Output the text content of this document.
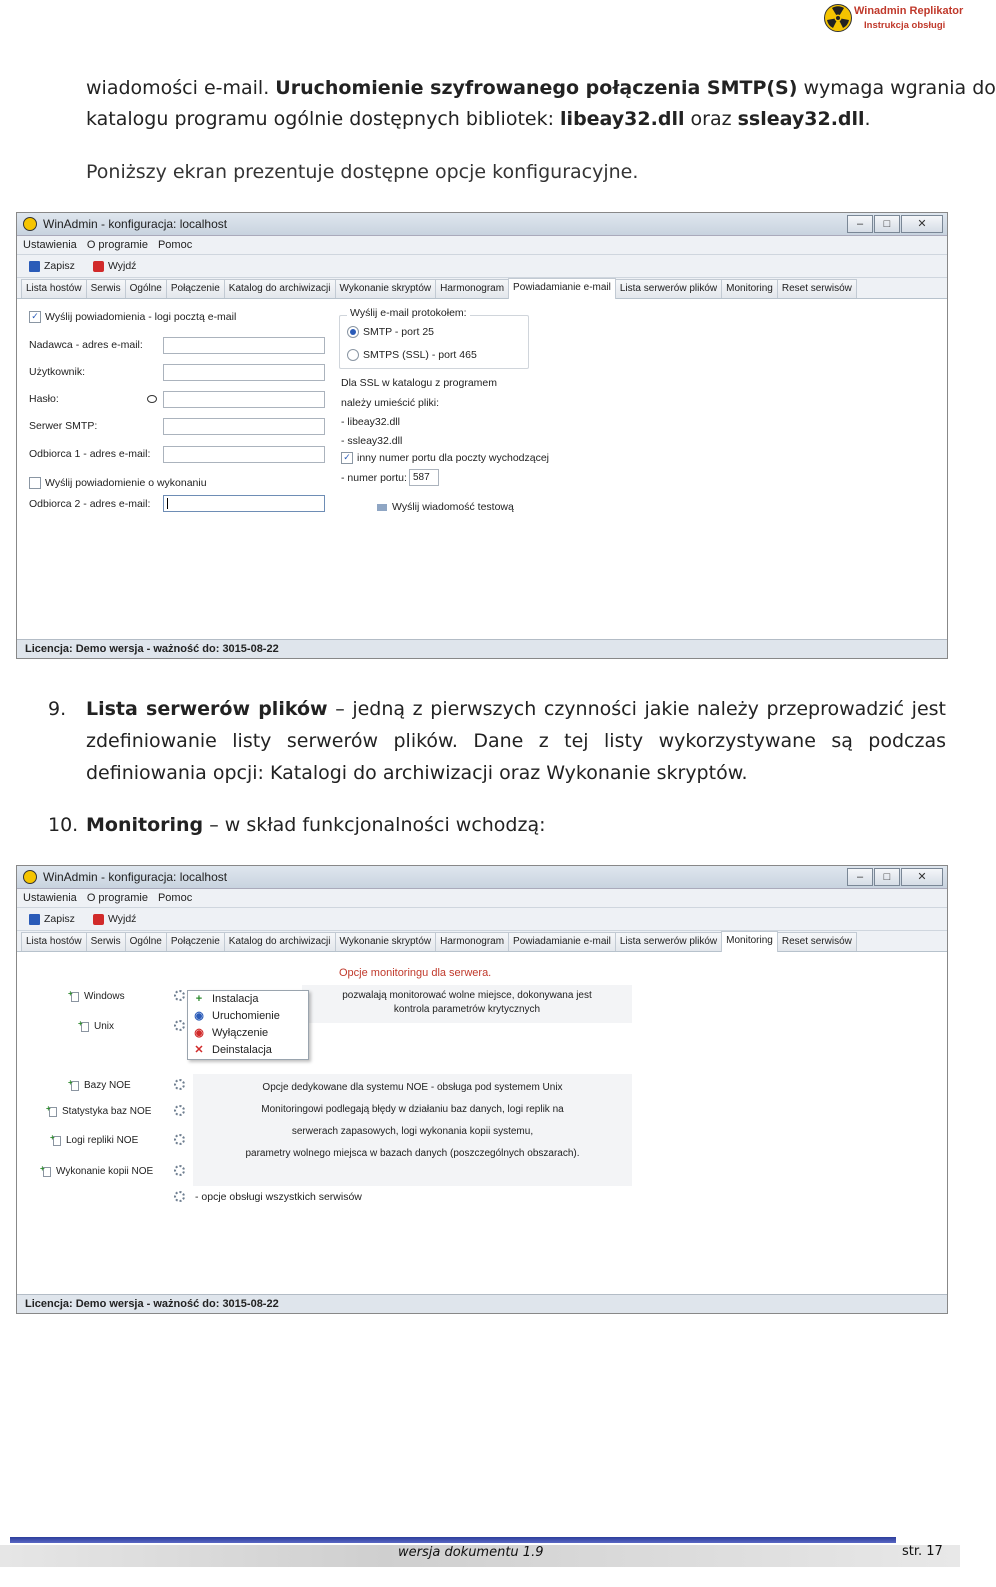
Winadmin Replikator
Instrukcja obsługi
wiadomości e-mail. Uruchomienie szyfrowanego połączenia SMTP(S) wymaga wgrania do
katalogu programu ogólnie dostępnych bibliotek: libeay32.dll oraz ssleay32.dll.
Poniższy ekran prezentuje dostępne opcje konfiguracyjne.
WinAdmin - konfiguracja: localhost	–	□	✕
Ustawienia O programie Pomoc
Zapisz	Wyjdź
Lista hostów Serwis Ogólne Połączenie Katalog do archiwizacji Wykonanie skryptów Harmonogram Powiadamianie e-mail Lista serwerów plików Monitoring Reset serwisów
✓ Wyślij powiadomienia - logi pocztą e-mail
Nadawca - adres e-mail:
Użytkownik:
Hasło:
Serwer SMTP:
Odbiorca 1 - adres e-mail:
Wyślij powiadomienie o wykonaniu
Odbiorca 2 - adres e-mail:
Wyślij e-mail protokołem:
SMTP - port 25
SMTPS (SSL) - port 465
Dla SSL w katalogu z programem
należy umieścić pliki:
- libeay32.dll
- ssleay32.dll
✓ inny numer portu dla poczty wychodzącej
- numer portu: 587
Wyślij wiadomość testową
Licencja: Demo wersja - ważność do: 3015-08-22
9. Lista serwerów plików – jedną z pierwszych czynności jakie należy przeprowadzić jest
zdefiniowanie listy serwerów plików. Dane z tej listy wykorzystywane są podczas
definiowania opcji: Katalogi do archiwizacji oraz Wykonanie skryptów.
10. Monitoring – w skład funkcjonalności wchodzą:
WinAdmin - konfiguracja: localhost	–	□	✕
Ustawienia O programie Pomoc
Zapisz	Wyjdź
Lista hostów Serwis Ogólne Połączenie Katalog do archiwizacji Wykonanie skryptów Harmonogram Powiadamianie e-mail Lista serwerów plików Monitoring Reset serwisów
Opcje monitoringu dla serwera.
+
Windows
+
Unix
pozwalają monitorować wolne miejsce, dokonywana jest
kontrola parametrów krytycznych
+ Instalacja
◉ Uruchomienie
◉ Wyłączenie
✕ Deinstalacja
+
Bazy NOE
+
Statystyka baz NOE
+
Logi repliki NOE
+
Wykonanie kopii NOE
Opcje dedykowane dla systemu NOE - obsługa pod systemem Unix
Monitoringowi podlegają błędy w działaniu baz danych, logi replik na
serwerach zapasowych, logi wykonania kopii systemu,
parametry wolnego miejsca w bazach danych (poszczególnych obszarach).
- opcje obsługi wszystkich serwisów
Licencja: Demo wersja - ważność do: 3015-08-22
wersja dokumentu 1.9	str. 17
